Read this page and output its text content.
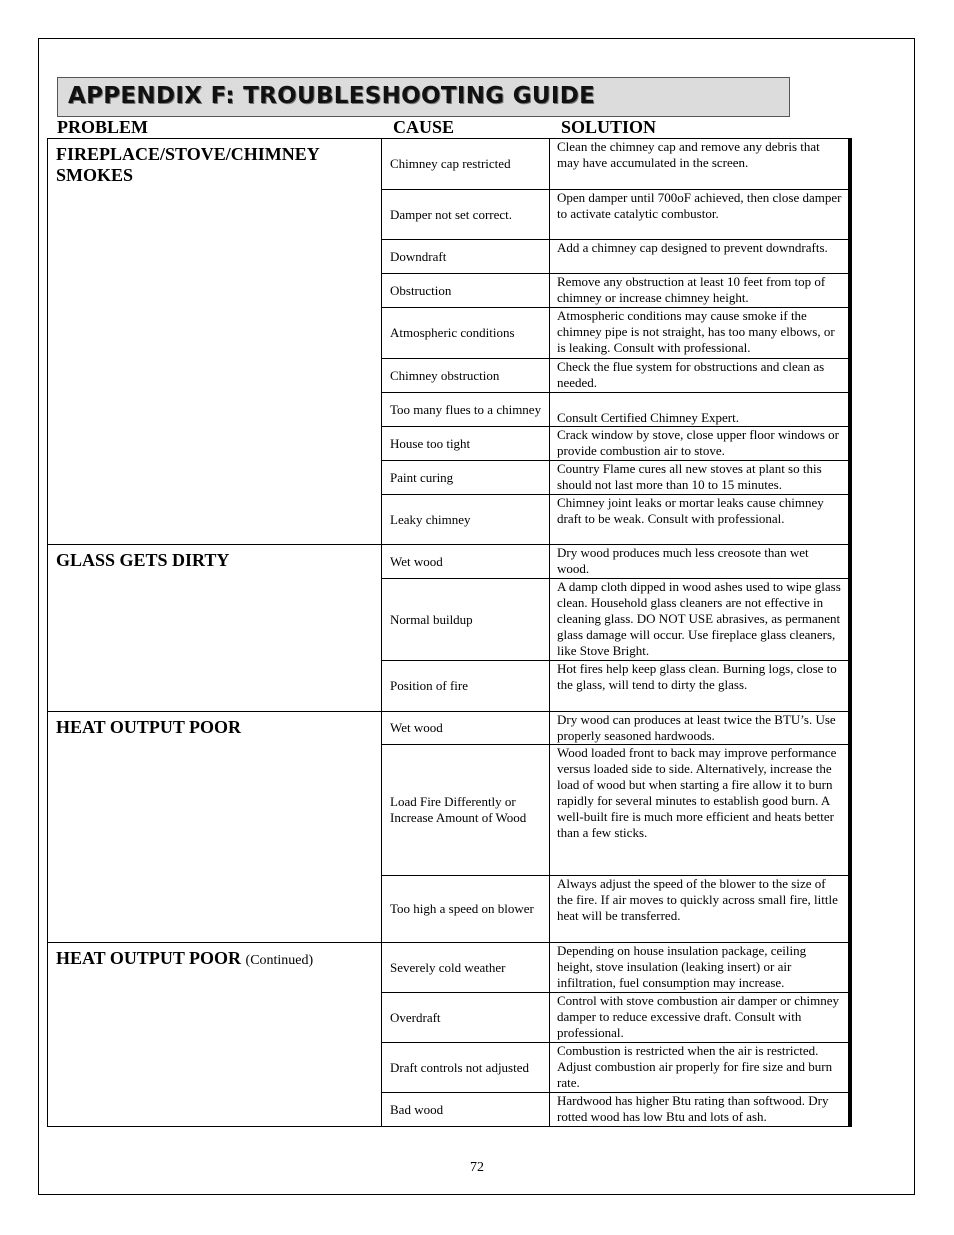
APPENDIX F: TROUBLESHOOTING GUIDE
PROBLEM	CAUSE	SOLUTION
FIREPLACE/STOVE/CHIMNEY SMOKES	Chimney cap restricted	Clean the chimney cap and remove any debris that may have accumulated in the screen.
	Damper not set correct.	Open damper until 700oF achieved, then close damper to activate catalytic combustor.
	Downdraft	Add a chimney cap designed to prevent downdrafts.
	Obstruction	Remove any obstruction at least 10 feet from top of chimney or increase chimney height.
	Atmospheric conditions	Atmospheric conditions may cause smoke if the chimney pipe is not straight, has too many elbows, or is leaking. Consult with professional.
	Chimney obstruction	Check the flue system for obstructions and clean as needed.
	Too many flues to a chimney	Consult Certified Chimney Expert.
	House too tight	Crack window by stove, close upper floor windows or provide combustion air to stove.
	Paint curing	Country Flame cures all new stoves at plant so this should not last more than 10 to 15 minutes.
	Leaky chimney	Chimney joint leaks or mortar leaks cause chimney draft to be weak. Consult with professional.
GLASS GETS DIRTY	Wet wood	Dry wood produces much less creosote than wet wood.
	Normal buildup	A damp cloth dipped in wood ashes used to wipe glass clean. Household glass cleaners are not effective in cleaning glass. DO NOT USE abrasives, as permanent glass damage will occur. Use fireplace glass cleaners, like Stove Bright.
	Position of fire	Hot fires help keep glass clean. Burning logs, close to the glass, will tend to dirty the glass.
HEAT OUTPUT POOR	Wet wood	Dry wood can produces at least twice the BTU’s. Use properly seasoned hardwoods.
	Load Fire Differently or Increase Amount of Wood	Wood loaded front to back may improve performance versus loaded side to side. Alternatively, increase the load of wood but when starting a fire allow it to burn rapidly for several minutes to establish good burn. A well-built fire is much more efficient and heats better than a few sticks.
	Too high a speed on blower	Always adjust the speed of the blower to the size of the fire. If air moves to quickly across small fire, little heat will be transferred.
HEAT OUTPUT POOR (Continued)	Severely cold weather	Depending on house insulation package, ceiling height, stove insulation (leaking insert) or air infiltration, fuel consumption may increase.
	Overdraft	Control with stove combustion air damper or chimney damper to reduce excessive draft. Consult with professional.
	Draft controls not adjusted	Combustion is restricted when the air is restricted. Adjust combustion air properly for fire size and burn rate.
	Bad wood	Hardwood has higher Btu rating than softwood. Dry rotted wood has low Btu and lots of ash.
72
